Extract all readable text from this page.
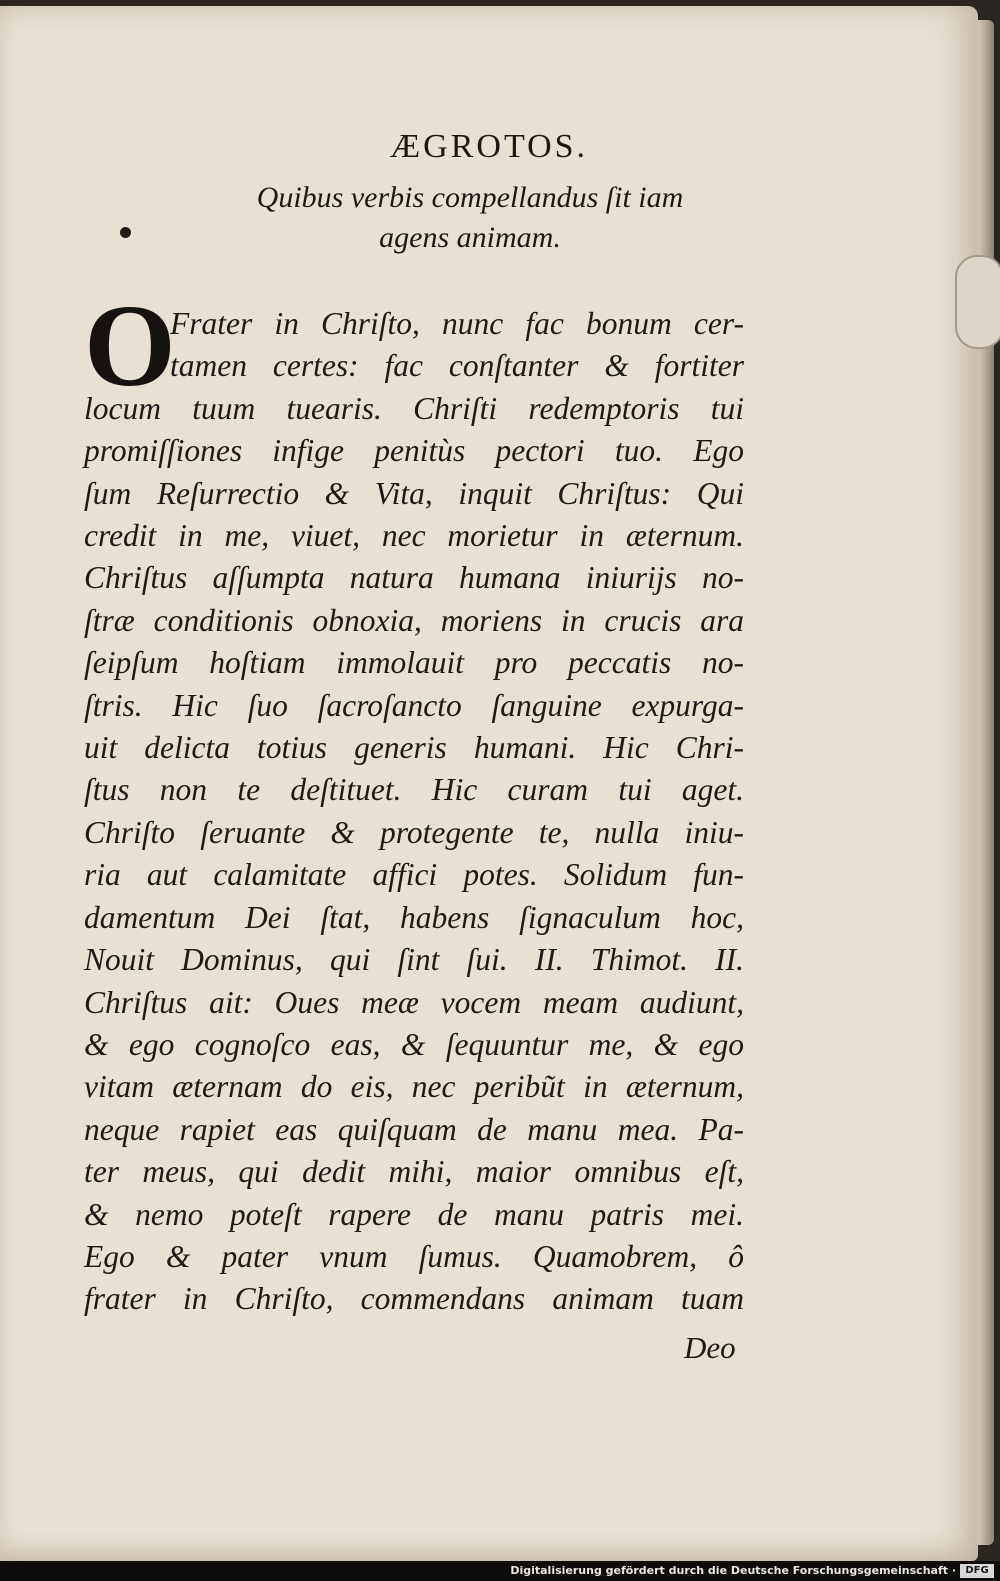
ÆGROTOS.
Quibus verbis compellandus ſit iam
agens animam.
O
Frater in Chriſto, nunc fac bonum cer-
tamen certes: fac conſtanter & fortiter
locum tuum tuearis. Chriſti redemptoris tui
promiſſiones infige penitùs pectori tuo. Ego
ſum Reſurrectio & Vita, inquit Chriſtus: Qui
credit in me, viuet, nec morietur in æternum.
Chriſtus aſſumpta natura humana iniurijs no-
ſtræ conditionis obnoxia, moriens in crucis ara
ſeipſum hoſtiam immolauit pro peccatis no-
ſtris. Hic ſuo ſacroſancto ſanguine expurga-
uit delicta totius generis humani. Hic Chri-
ſtus non te deſtituet. Hic curam tui aget.
Chriſto ſeruante & protegente te, nulla iniu-
ria aut calamitate affici potes. Solidum fun-
damentum Dei ſtat, habens ſignaculum hoc,
Nouit Dominus, qui ſint ſui. II. Thimot. II.
Chriſtus ait: Oues meæ vocem meam audiunt,
& ego cognoſco eas, & ſequuntur me, & ego
vitam æternam do eis, nec peribũt in æternum,
neque rapiet eas quiſquam de manu mea. Pa-
ter meus, qui dedit mihi, maior omnibus eſt,
& nemo poteſt rapere de manu patris mei.
Ego & pater vnum ſumus. Quamobrem, ô
frater in Chriſto, commendans animam tuam
Deo
Digitalisierung gefördert durch die Deutsche Forschungsgemeinschaft · DFG
